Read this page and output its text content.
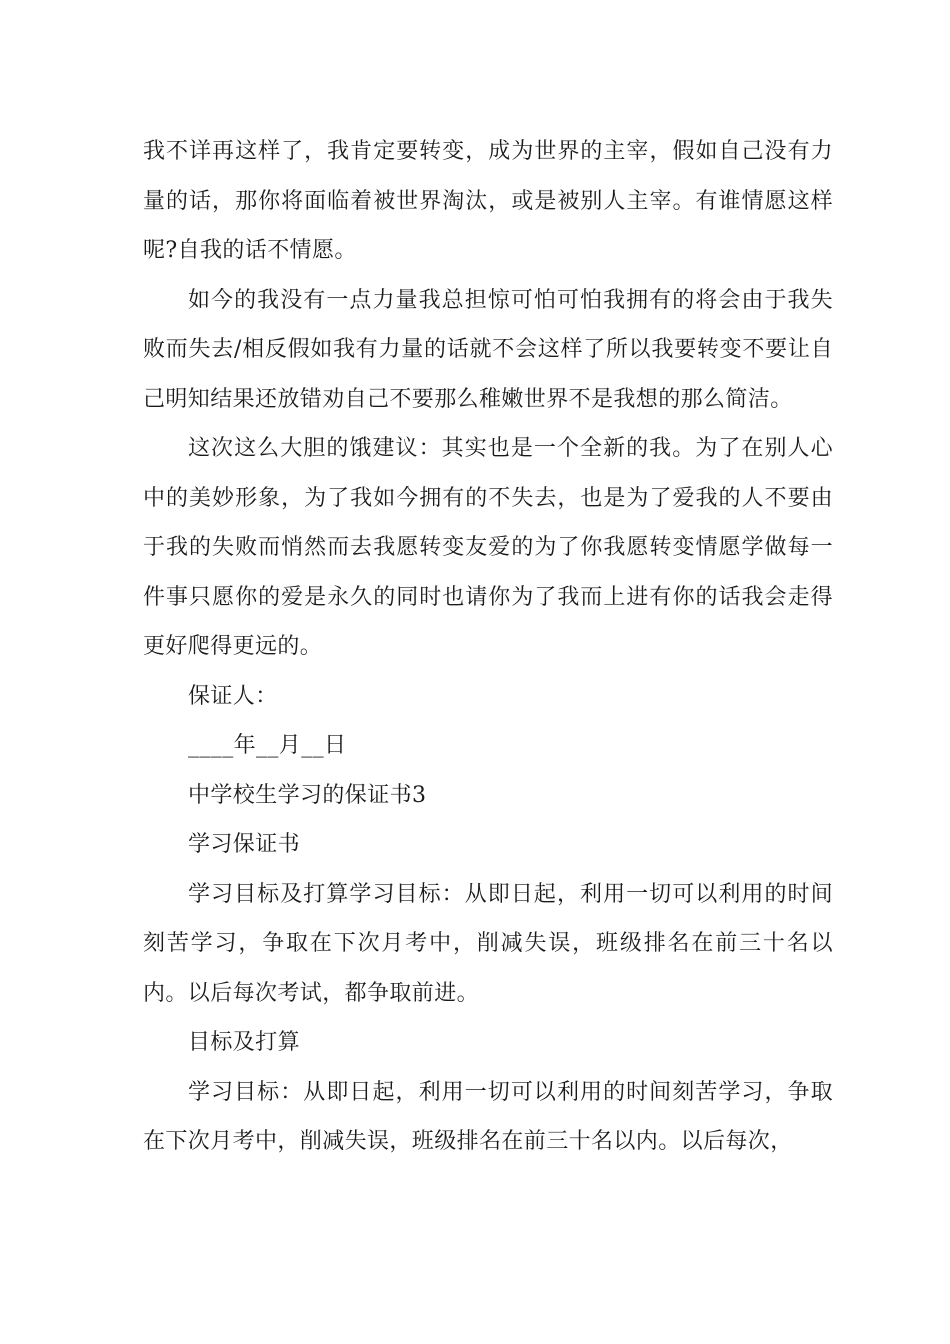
我不详再这样了，我肯定要转变，成为世界的主宰，假如自己没有力量的话，那你将面临着被世界淘汰，或是被别人主宰。有谁情愿这样呢?自我的话不情愿。

如今的我没有一点力量我总担惊可怕可怕我拥有的将会由于我失败而失去/相反假如我有力量的话就不会这样了所以我要转变不要让自己明知结果还放错劝自己不要那么稚嫩世界不是我想的那么简洁。

这次这么大胆的饿建议：其实也是一个全新的我。为了在别人心中的美妙形象，为了我如今拥有的不失去，也是为了爱我的人不要由于我的失败而悄然而去我愿转变友爱的为了你我愿转变情愿学做每一件事只愿你的爱是永久的同时也请你为了我而上进有你的话我会走得更好爬得更远的。

保证人：

____年__月__日

中学校生学习的保证书3

学习保证书

学习目标及打算学习目标：从即日起，利用一切可以利用的时间刻苦学习，争取在下次月考中，削减失误，班级排名在前三十名以内。以后每次考试，都争取前进。

目标及打算

学习目标：从即日起，利用一切可以利用的时间刻苦学习，争取在下次月考中，削减失误，班级排名在前三十名以内。以后每次，
